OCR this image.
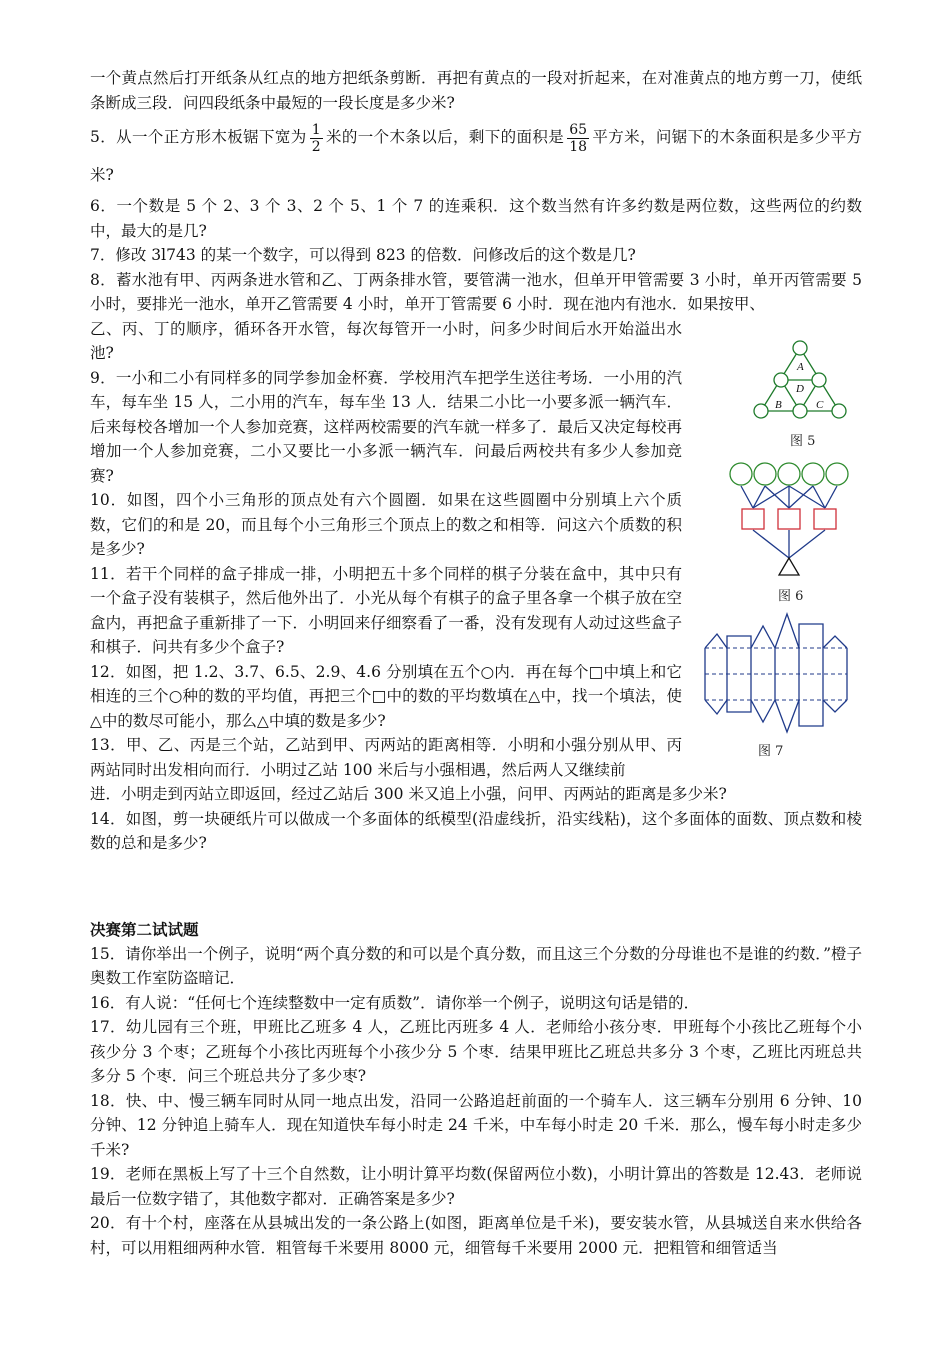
一个黄点然后打开纸条从红点的地方把纸条剪断．再把有黄点的一段对折起来，在对准黄点的地方剪一刀，使纸条断成三段．问四段纸条中最短的一段长度是多少米?

5．从一个正方形木板锯下宽为 $\frac{1}{2}$ 米的一个木条以后，剩下的面积是 $\frac{65}{18}$ 平方米，问锯下的木条面积是多少平方米?

6．一个数是 5 个 2、3 个 3、2 个 5、1 个 7 的连乘积．这个数当然有许多约数是两位数，这些两位的约数中，最大的是几?

7．修改 3l743 的某一个数字，可以得到 823 的倍数．问修改后的这个数是几?

8．蓄水池有甲、丙两条进水管和乙、丁两条排水管，要管满一池水，但单开甲管需要 3 小时，单开丙管需要 5 小时，要排光一池水，单开乙管需要 4 小时，单开丁管需要 6 小时．现在池内有池水．如果按甲、

乙、丙、丁的顺序，循环各开水管，每次每管开一小时，问多少时间后水开始溢出水池?

9．一小和二小有同样多的同学参加金杯赛．学校用汽车把学生送往考场．一小用的汽车，每车坐 15 人，二小用的汽车，每车坐 13 人．结果二小比一小要多派一辆汽车．后来每校各增加一个人参加竞赛，这样两校需要的汽车就一样多了．最后又决定每校再增加一个人参加竞赛，二小又要比一小多派一辆汽车．问最后两校共有多少人参加竞赛?

10．如图，四个小三角形的顶点处有六个圆圈．如果在这些圆圈中分别填上六个质数，它们的和是 20，而且每个小三角形三个顶点上的数之和相等．问这六个质数的积是多少?

11．若干个同样的盒子排成一排，小明把五十多个同样的棋子分装在盒中，其中只有一个盒子没有装棋子，然后他外出了．小光从每个有棋子的盒子里各拿一个棋子放在空盒内，再把盒子重新排了一下．小明回来仔细察看了一番，没有发现有人动过这些盒子和棋子．问共有多少个盒子?

12．如图，把 1.2、3.7、6.5、2.9、4.6 分别填在五个○内．再在每个□中填上和它相连的三个○种的数的平均值，再把三个□中的数的平均数填在△中，找一个填法，使△中的数尽可能小，那么△中填的数是多少?

13．甲、乙、丙是三个站，乙站到甲、丙两站的距离相等．小明和小强分别从甲、丙两站同时出发相向而行．小明过乙站 100 米后与小强相遇，然后两人又继续前

进．小明走到丙站立即返回，经过乙站后 300 米又追上小强，问甲、丙两站的距离是多少米?

14．如图，剪一块硬纸片可以做成一个多面体的纸模型(沿虚线折，沿实线粘)，这个多面体的面数、顶点数和棱数的总和是多少?

决赛第二试试题

15．请你举出一个例子，说明“两个真分数的和可以是个真分数，而且这三个分数的分母谁也不是谁的约数．”橙子奥数工作室防盗暗记．

16．有人说：“任何七个连续整数中一定有质数”．请你举一个例子，说明这句话是错的．

17．幼儿园有三个班，甲班比乙班多 4 人，乙班比丙班多 4 人．老师给小孩分枣．甲班每个小孩比乙班每个小孩少分 3 个枣；乙班每个小孩比丙班每个小孩少分 5 个枣．结果甲班比乙班总共多分 3 个枣，乙班比丙班总共多分 5 个枣．问三个班总共分了多少枣?

18．快、中、慢三辆车同时从同一地点出发，沿同一公路追赶前面的一个骑车人．这三辆车分别用 6 分钟、10 分钟、12 分钟追上骑车人．现在知道快车每小时走 24 千米，中车每小时走 20 千米．那么，慢车每小时走多少千米?

19．老师在黑板上写了十三个自然数，让小明计算平均数(保留两位小数)，小明计算出的答数是 12.43．老师说最后一位数字错了，其他数字都对．正确答案是多少?

20．有十个村，座落在从县城出发的一条公路上(如图，距离单位是千米)，要安装水管，从县城送自来水供给各村，可以用粗细两种水管．粗管每千米要用 8000 元，细管每千米要用 2000 元．把粗管和细管适当

A
D
B	C
图 5
图 6
图 7
